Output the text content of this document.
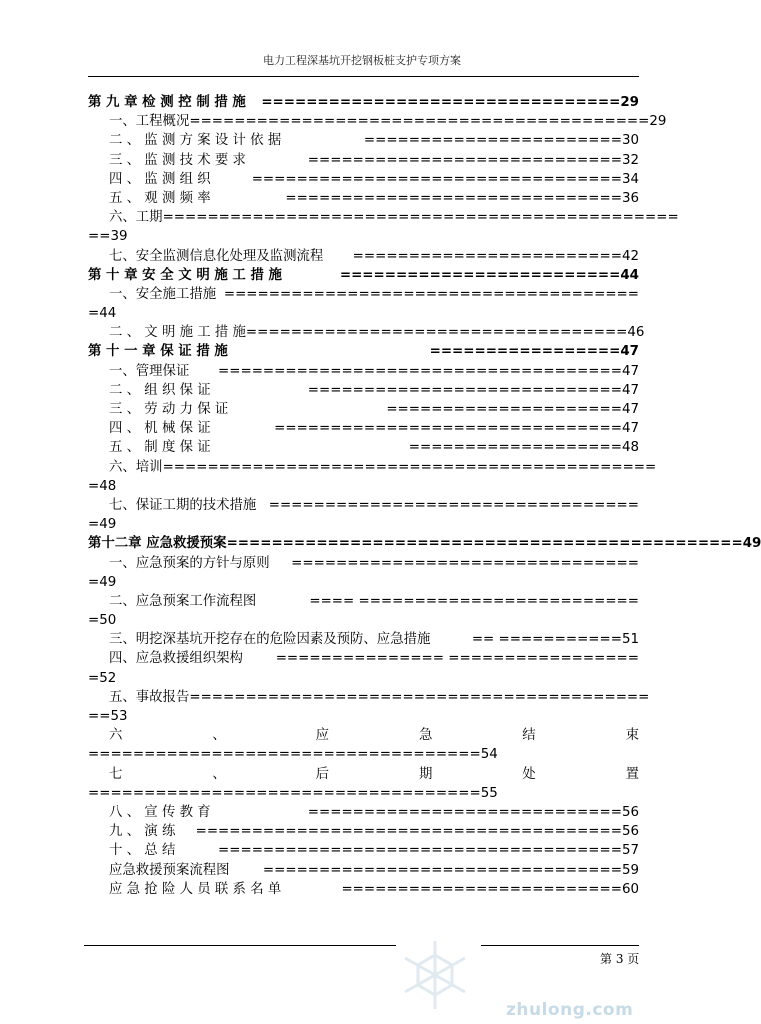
电力工程深基坑开挖钢板桩支护专项方案
第 九 章 检 测 控 制 措 施	================================ 29
一、工程概况 ========================================= 29
二 、 监 测 方 案 设 计 依 据	======================= 30
三 、 监 测 技 术 要 求	============================ 32
四 、 监 测 组 织	================================= 34
五 、 观 测 频 率	============================== 36
六、工期 ==============================================
== 39
七、安全监测信息化处理及监测流程	======================== 42
第 十 章 安 全 文 明 施 工 措 施	========================= 44
一、安全施工措施 =====================================
= 44
二 、 文 明 施 工 措 施 ================================== 46
第 十 一 章 保 证 措 施	================= 47
一、管理保证	==================================== 47
二 、 组 织 保 证	============================ 47
三 、 劳 动 力 保 证	===================== 47
四 、 机 械 保 证	=============================== 47
五 、 制 度 保 证	=================== 48
六、培训 ============================================
= 48
七、保证工期的技术措施 =================================
= 49
第十二章 应急救援预案 ============================================== 49
一、应急预案的方针与原则	===============================
= 49
二、应急预案工作流程图	========================= ====
= 50
三、明挖深基坑开挖存在的危险因素及预防、应急措施	=========== == 51
四、应急救援组织架构	================= ===============
= 52
五、事故报告 =========================================
== 53
六	、	应	急	结	束
===================================54
七	、	后	期	处	置
===================================55
八 、 宣 传 教 育	============================ 56
九 、 演 练	====================================== 56
十 、 总 结	==================================== 57
应急救援预案流程图	================================ 59
应 急 抢 险 人 员 联 系 名 单	========================= 60
第 3 页
zhulong.com
